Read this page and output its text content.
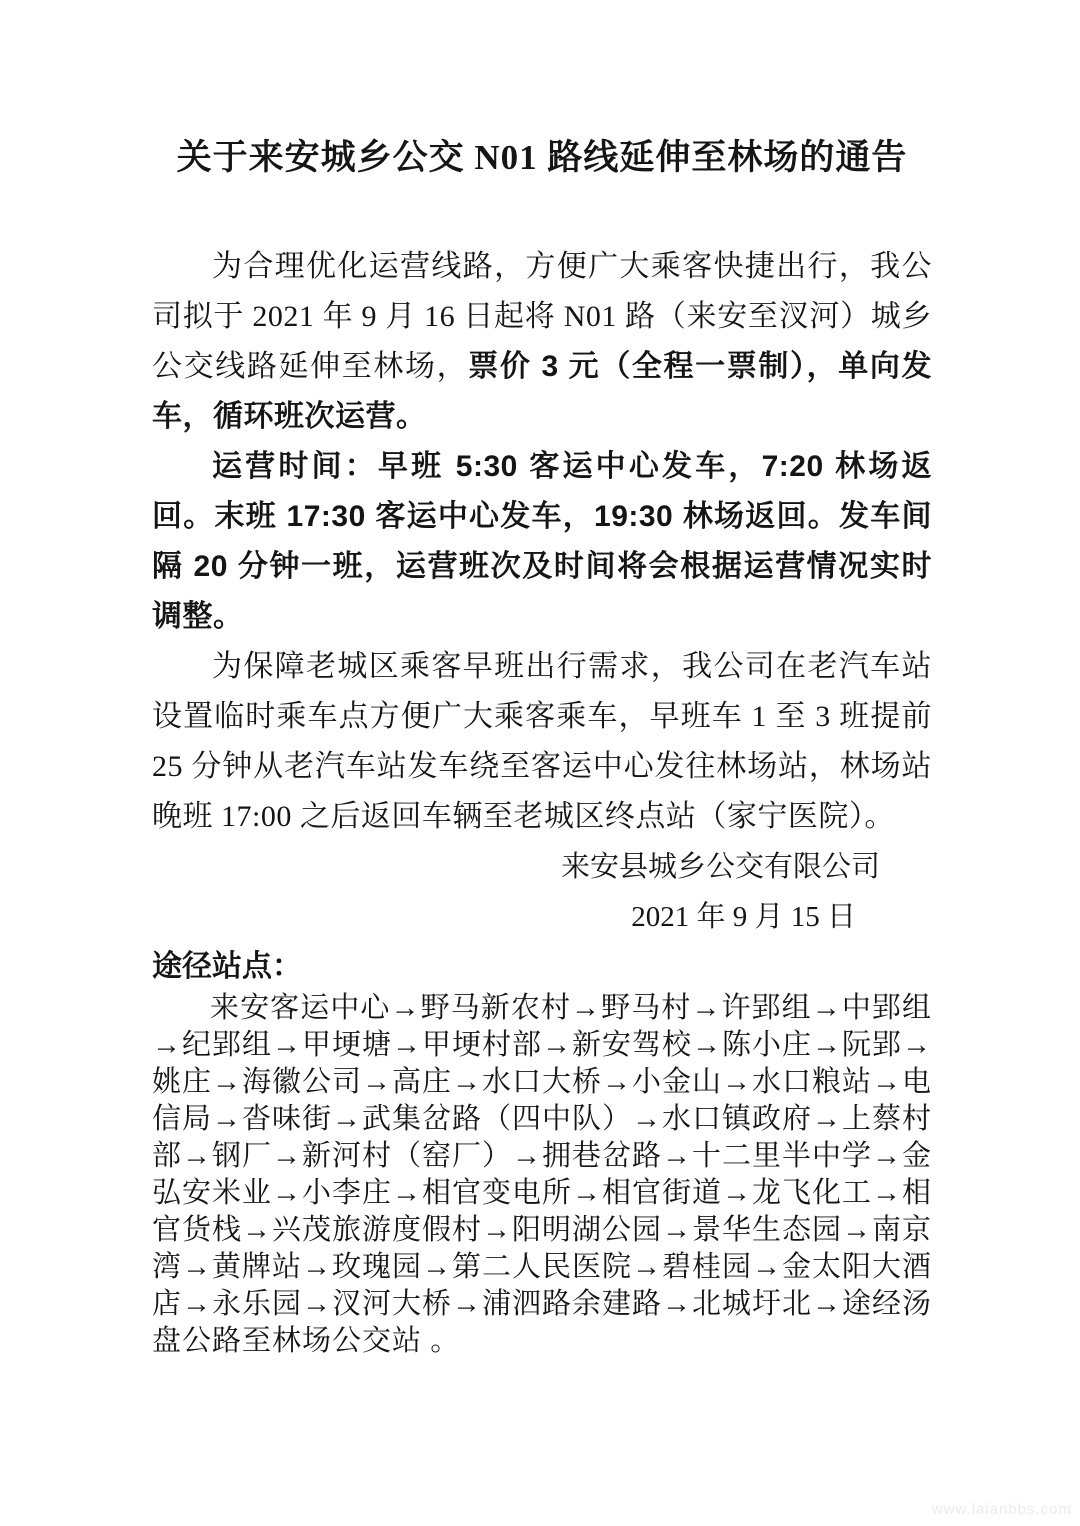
关于来安城乡公交 N01 路线延伸至林场的通告

为合理优化运营线路，方便广大乘客快捷出行，我公司拟于 2021 年 9 月 16 日起将 N01 路（来安至汊河）城乡公交线路延伸至林场，票价 3 元（全程一票制），单向发车，循环班次运营。

运营时间：早班 5:30 客运中心发车，7:20 林场返回。末班 17:30 客运中心发车，19:30 林场返回。发车间隔 20 分钟一班，运营班次及时间将会根据运营情况实时调整。

为保障老城区乘客早班出行需求，我公司在老汽车站设置临时乘车点方便广大乘客乘车，早班车 1 至 3 班提前 25 分钟从老汽车站发车绕至客运中心发往林场站，林场站晚班 17:00 之后返回车辆至老城区终点站（家宁医院）。

来安县城乡公交有限公司

2021 年 9 月 15 日

途径站点：

来安客运中心→野马新农村→野马村→许郢组→中郢组→纪郢组→甲埂塘→甲埂村部→新安驾校→陈小庄→阮郢→姚庄→海徽公司→高庄→水口大桥→小金山→水口粮站→电信局→沓味街→武集岔路（四中队）→水口镇政府→上蔡村部→钢厂→新河村（窑厂）→拥巷岔路→十二里半中学→金弘安米业→小李庄→相官变电所→相官街道→龙飞化工→相官货栈→兴茂旅游度假村→阳明湖公园→景华生态园→南京湾→黄牌站→玫瑰园→第二人民医院→碧桂园→金太阳大酒店→永乐园→汊河大桥→浦泗路余建路→北城圩北→途经汤盘公路至林场公交站 。

www.laianbbs.com
